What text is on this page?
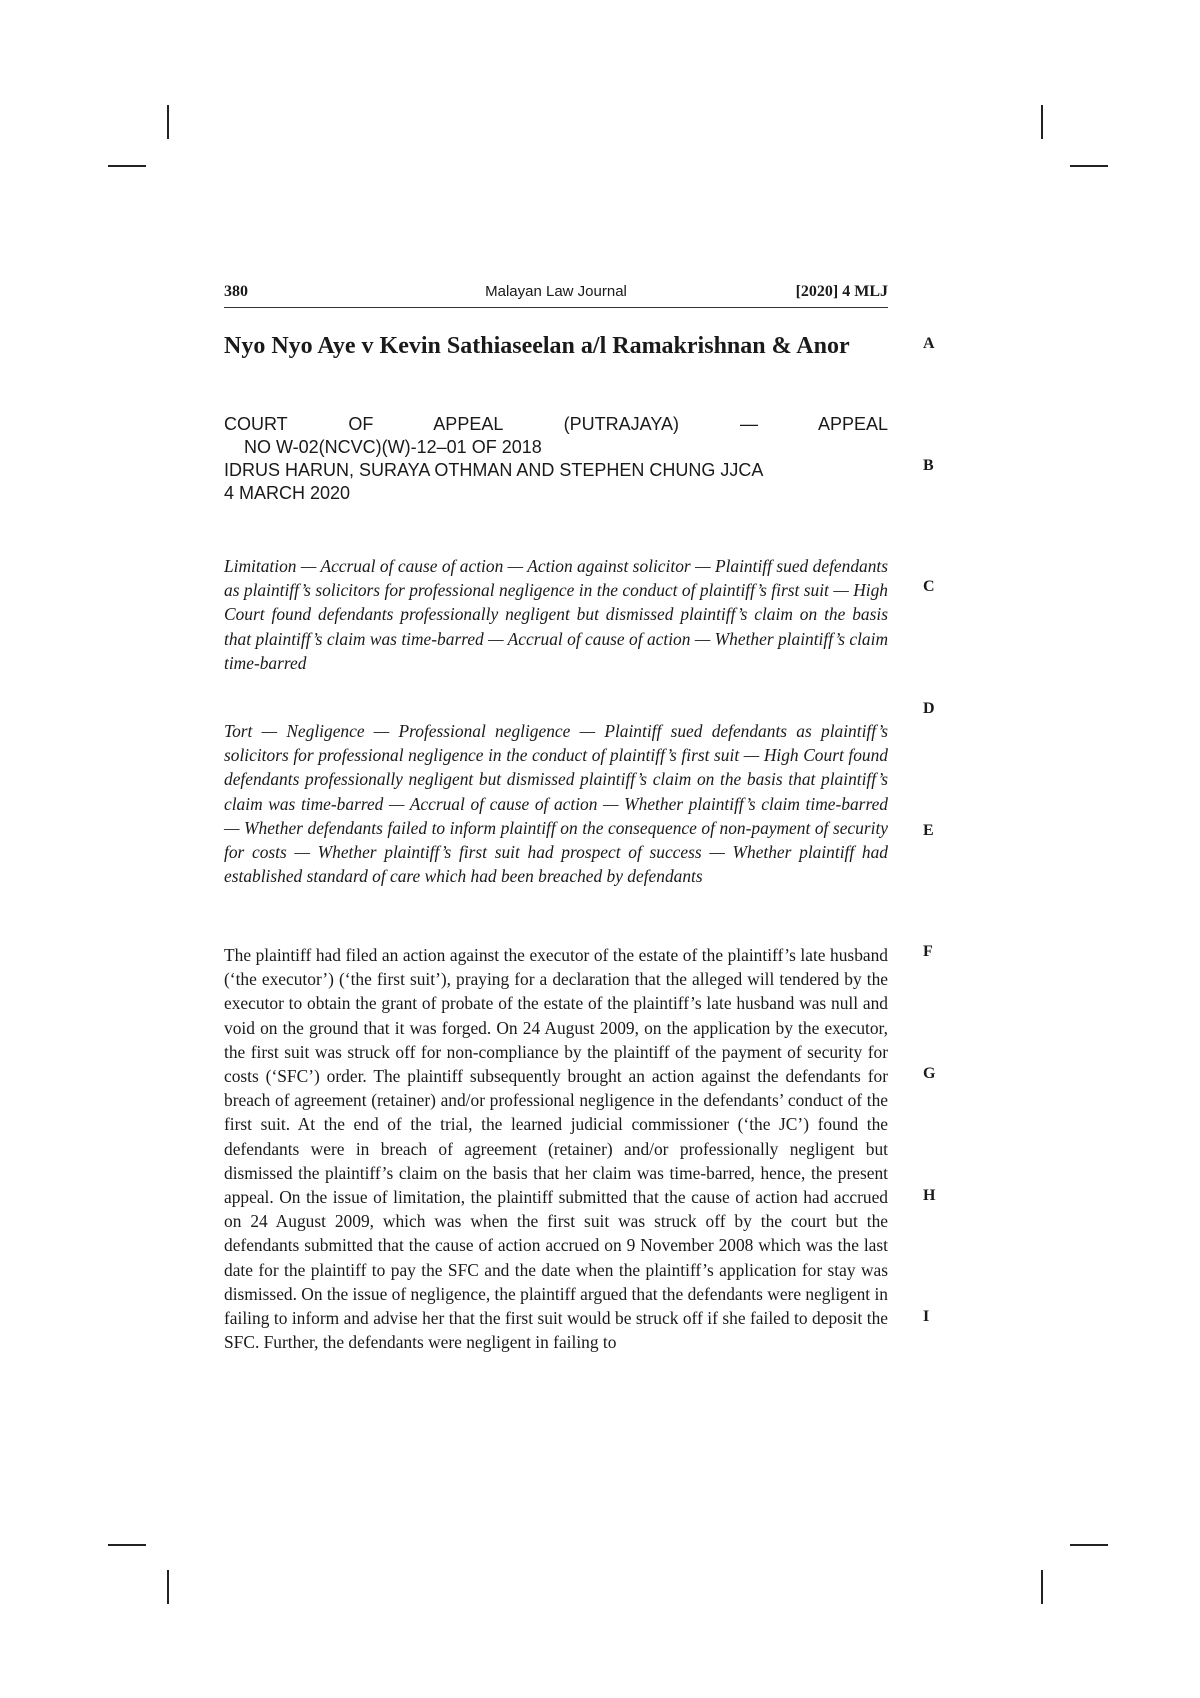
380	Malayan Law Journal	[2020] 4 MLJ
Nyo Nyo Aye v Kevin Sathiaseelan a/l Ramakrishnan & Anor
COURT OF APPEAL (PUTRAJAYA) — APPEAL
NO W-02(NCVC)(W)-12–01 OF 2018
IDRUS HARUN, SURAYA OTHMAN AND STEPHEN CHUNG JJCA
4 MARCH 2020
Limitation — Accrual of cause of action — Action against solicitor — Plaintiff sued defendants as plaintiff’s solicitors for professional negligence in the conduct of plaintiff’s first suit — High Court found defendants professionally negligent but dismissed plaintiff’s claim on the basis that plaintiff’s claim was time-barred — Accrual of cause of action — Whether plaintiff’s claim time-barred
Tort — Negligence — Professional negligence — Plaintiff sued defendants as plaintiff’s solicitors for professional negligence in the conduct of plaintiff’s first suit — High Court found defendants professionally negligent but dismissed plaintiff’s claim on the basis that plaintiff’s claim was time-barred — Accrual of cause of action — Whether plaintiff’s claim time-barred — Whether defendants failed to inform plaintiff on the consequence of non-payment of security for costs — Whether plaintiff’s first suit had prospect of success — Whether plaintiff had established standard of care which had been breached by defendants
The plaintiff had filed an action against the executor of the estate of the plaintiff’s late husband (‘the executor’) (‘the first suit’), praying for a declaration that the alleged will tendered by the executor to obtain the grant of probate of the estate of the plaintiff’s late husband was null and void on the ground that it was forged. On 24 August 2009, on the application by the executor, the first suit was struck off for non-compliance by the plaintiff of the payment of security for costs (‘SFC’) order. The plaintiff subsequently brought an action against the defendants for breach of agreement (retainer) and/or professional negligence in the defendants’ conduct of the first suit. At the end of the trial, the learned judicial commissioner (‘the JC’) found the defendants were in breach of agreement (retainer) and/or professionally negligent but dismissed the plaintiff’s claim on the basis that her claim was time-barred, hence, the present appeal. On the issue of limitation, the plaintiff submitted that the cause of action had accrued on 24 August 2009, which was when the first suit was struck off by the court but the defendants submitted that the cause of action accrued on 9 November 2008 which was the last date for the plaintiff to pay the SFC and the date when the plaintiff’s application for stay was dismissed. On the issue of negligence, the plaintiff argued that the defendants were negligent in failing to inform and advise her that the first suit would be struck off if she failed to deposit the SFC. Further, the defendants were negligent in failing to
A
B
C
D
E
F
G
H
I
